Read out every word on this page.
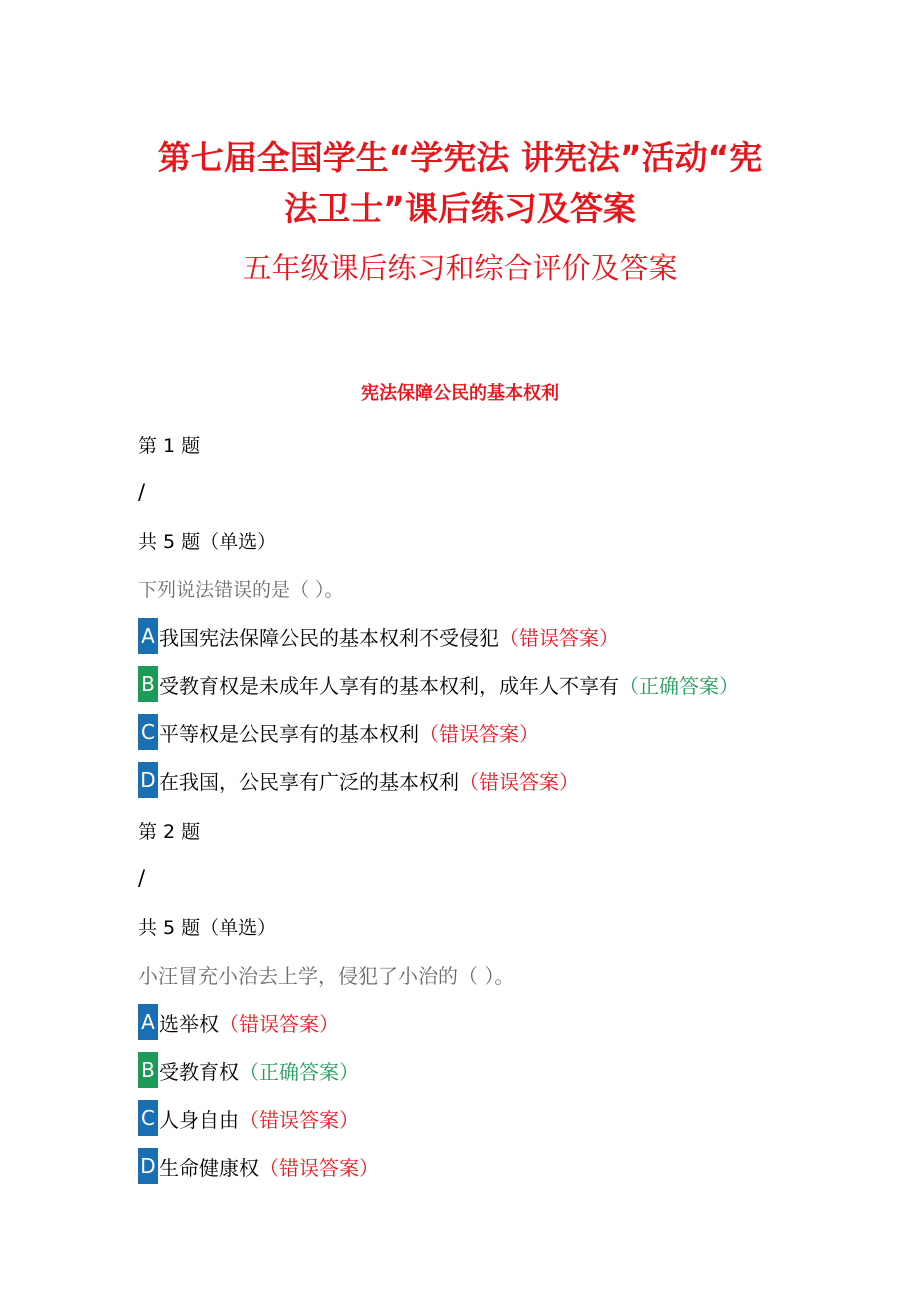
第七届全国学生“学宪法 讲宪法”活动“宪
法卫士”课后练习及答案
五年级课后练习和综合评价及答案
宪法保障公民的基本权利
第 1 题
/
共 5 题（单选）
下列说法错误的是（ ）。
A 我国宪法保障公民的基本权利不受侵犯 （错误答案）
B 受教育权是未成年人享有的基本权利，成年人不享有 （正确答案）
C 平等权是公民享有的基本权利 （错误答案）
D 在我国，公民享有广泛的基本权利 （错误答案）
第 2 题
/
共 5 题（单选）
小汪冒充小治去上学，侵犯了小治的（ ）。
A 选举权 （错误答案）
B 受教育权 （正确答案）
C 人身自由 （错误答案）
D 生命健康权 （错误答案）
